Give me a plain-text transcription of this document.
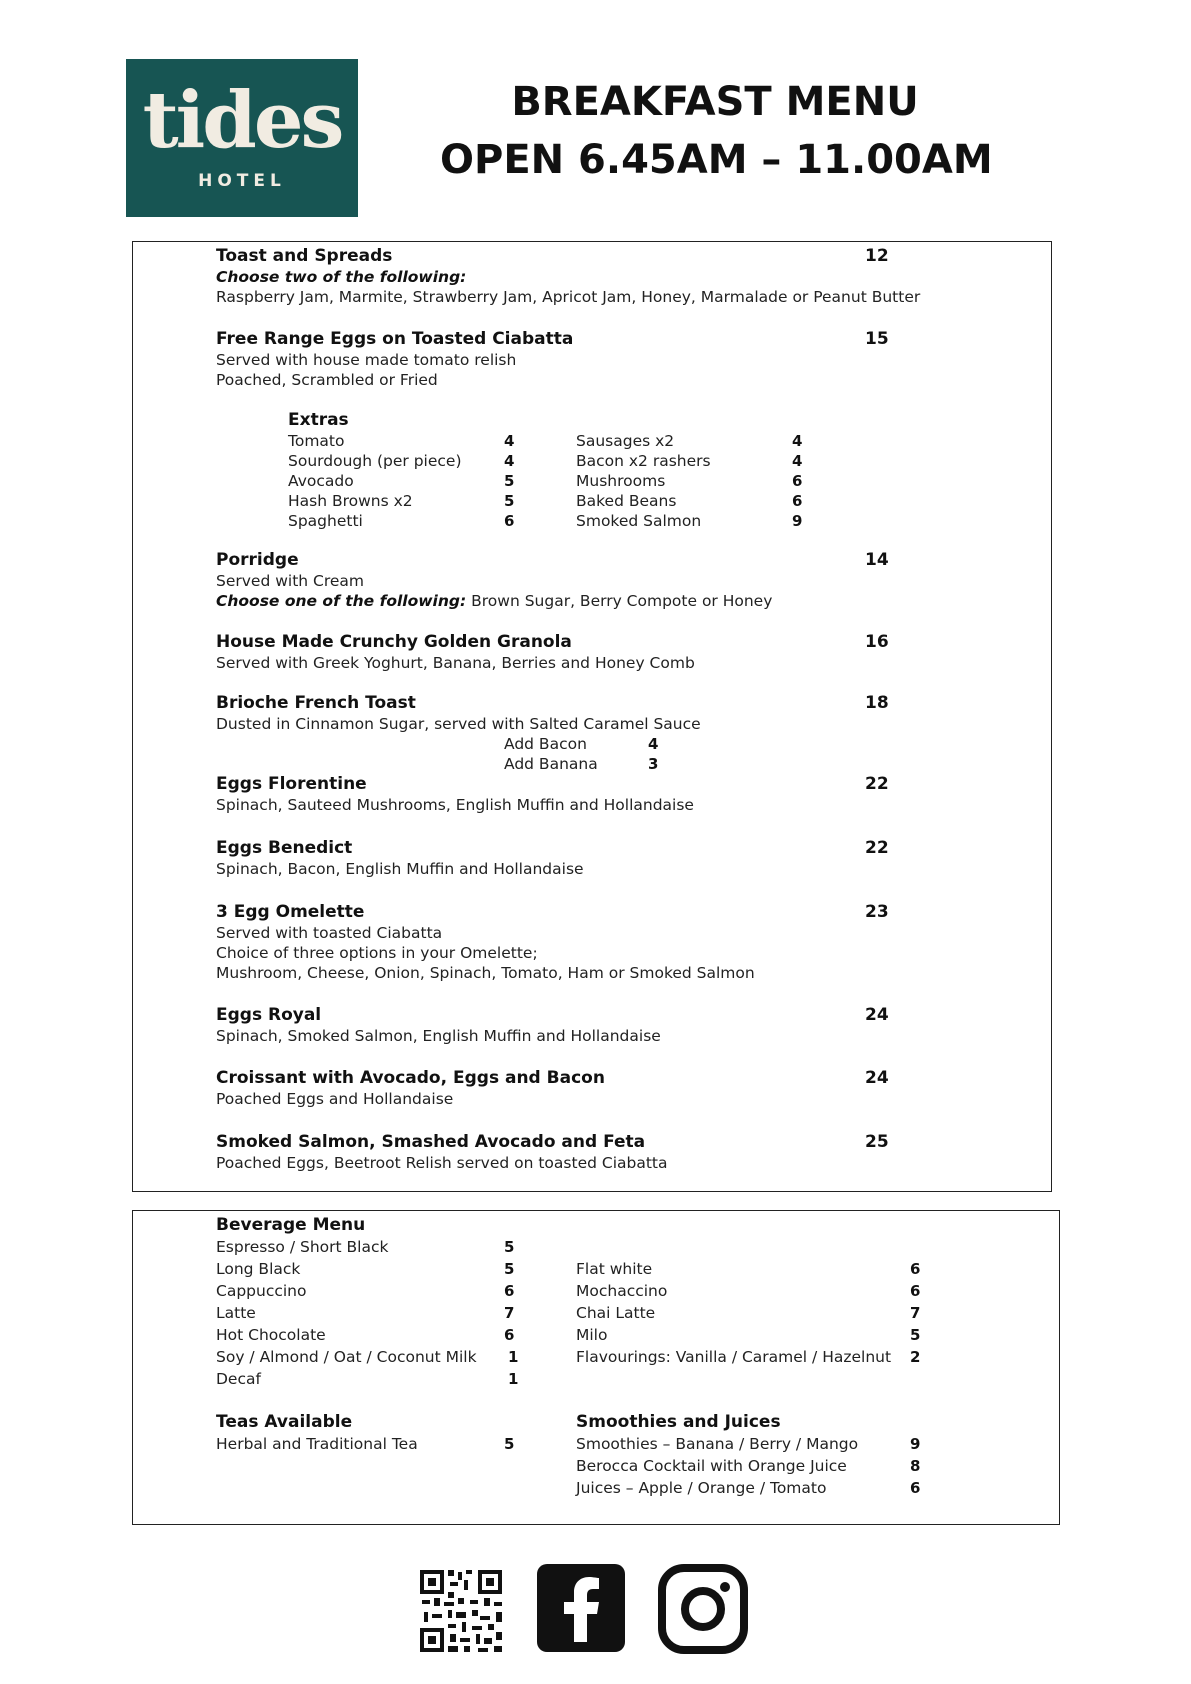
tides
HOTEL
BREAKFAST MENU
OPEN 6.45AM – 11.00AM
Toast and Spreads	12
Choose two of the following:
Raspberry Jam, Marmite, Strawberry Jam, Apricot Jam, Honey, Marmalade or Peanut Butter
Free Range Eggs on Toasted Ciabatta	15
Served with house made tomato relish
Poached, Scrambled or Fried
Extras
Tomato	4
Sourdough (per piece)	4
Avocado	5
Hash Browns x2	5
Spaghetti	6
Sausages x2	4
Bacon x2 rashers	4
Mushrooms	6
Baked Beans	6
Smoked Salmon	9
Porridge	14
Served with Cream
Choose one of the following: Brown Sugar, Berry Compote or Honey
House Made Crunchy Golden Granola	16
Served with Greek Yoghurt, Banana, Berries and Honey Comb
Brioche French Toast	18
Dusted in Cinnamon Sugar, served with Salted Caramel Sauce
Add Bacon	4
Add Banana	3
Eggs Florentine	22
Spinach, Sauteed Mushrooms, English Muffin and Hollandaise
Eggs Benedict	22
Spinach, Bacon, English Muffin and Hollandaise
3 Egg Omelette	23
Served with toasted Ciabatta
Choice of three options in your Omelette;
Mushroom, Cheese, Onion, Spinach, Tomato, Ham or Smoked Salmon
Eggs Royal	24
Spinach, Smoked Salmon, English Muffin and Hollandaise
Croissant with Avocado, Eggs and Bacon	24
Poached Eggs and Hollandaise
Smoked Salmon, Smashed Avocado and Feta	25
Poached Eggs, Beetroot Relish served on toasted Ciabatta
Beverage Menu
Espresso / Short Black	5
Long Black	5
Cappuccino	6
Latte	7
Hot Chocolate	6
Soy / Almond / Oat / Coconut Milk 1
Decaf	1
Flat white	6
Mochaccino	6
Chai Latte	7
Milo	5
Flavourings: Vanilla / Caramel / Hazelnut 2
Teas Available
Herbal and Traditional Tea	5
Smoothies and Juices
Smoothies – Banana / Berry / Mango	9
Berocca Cocktail with Orange Juice	8
Juices – Apple / Orange / Tomato	6
